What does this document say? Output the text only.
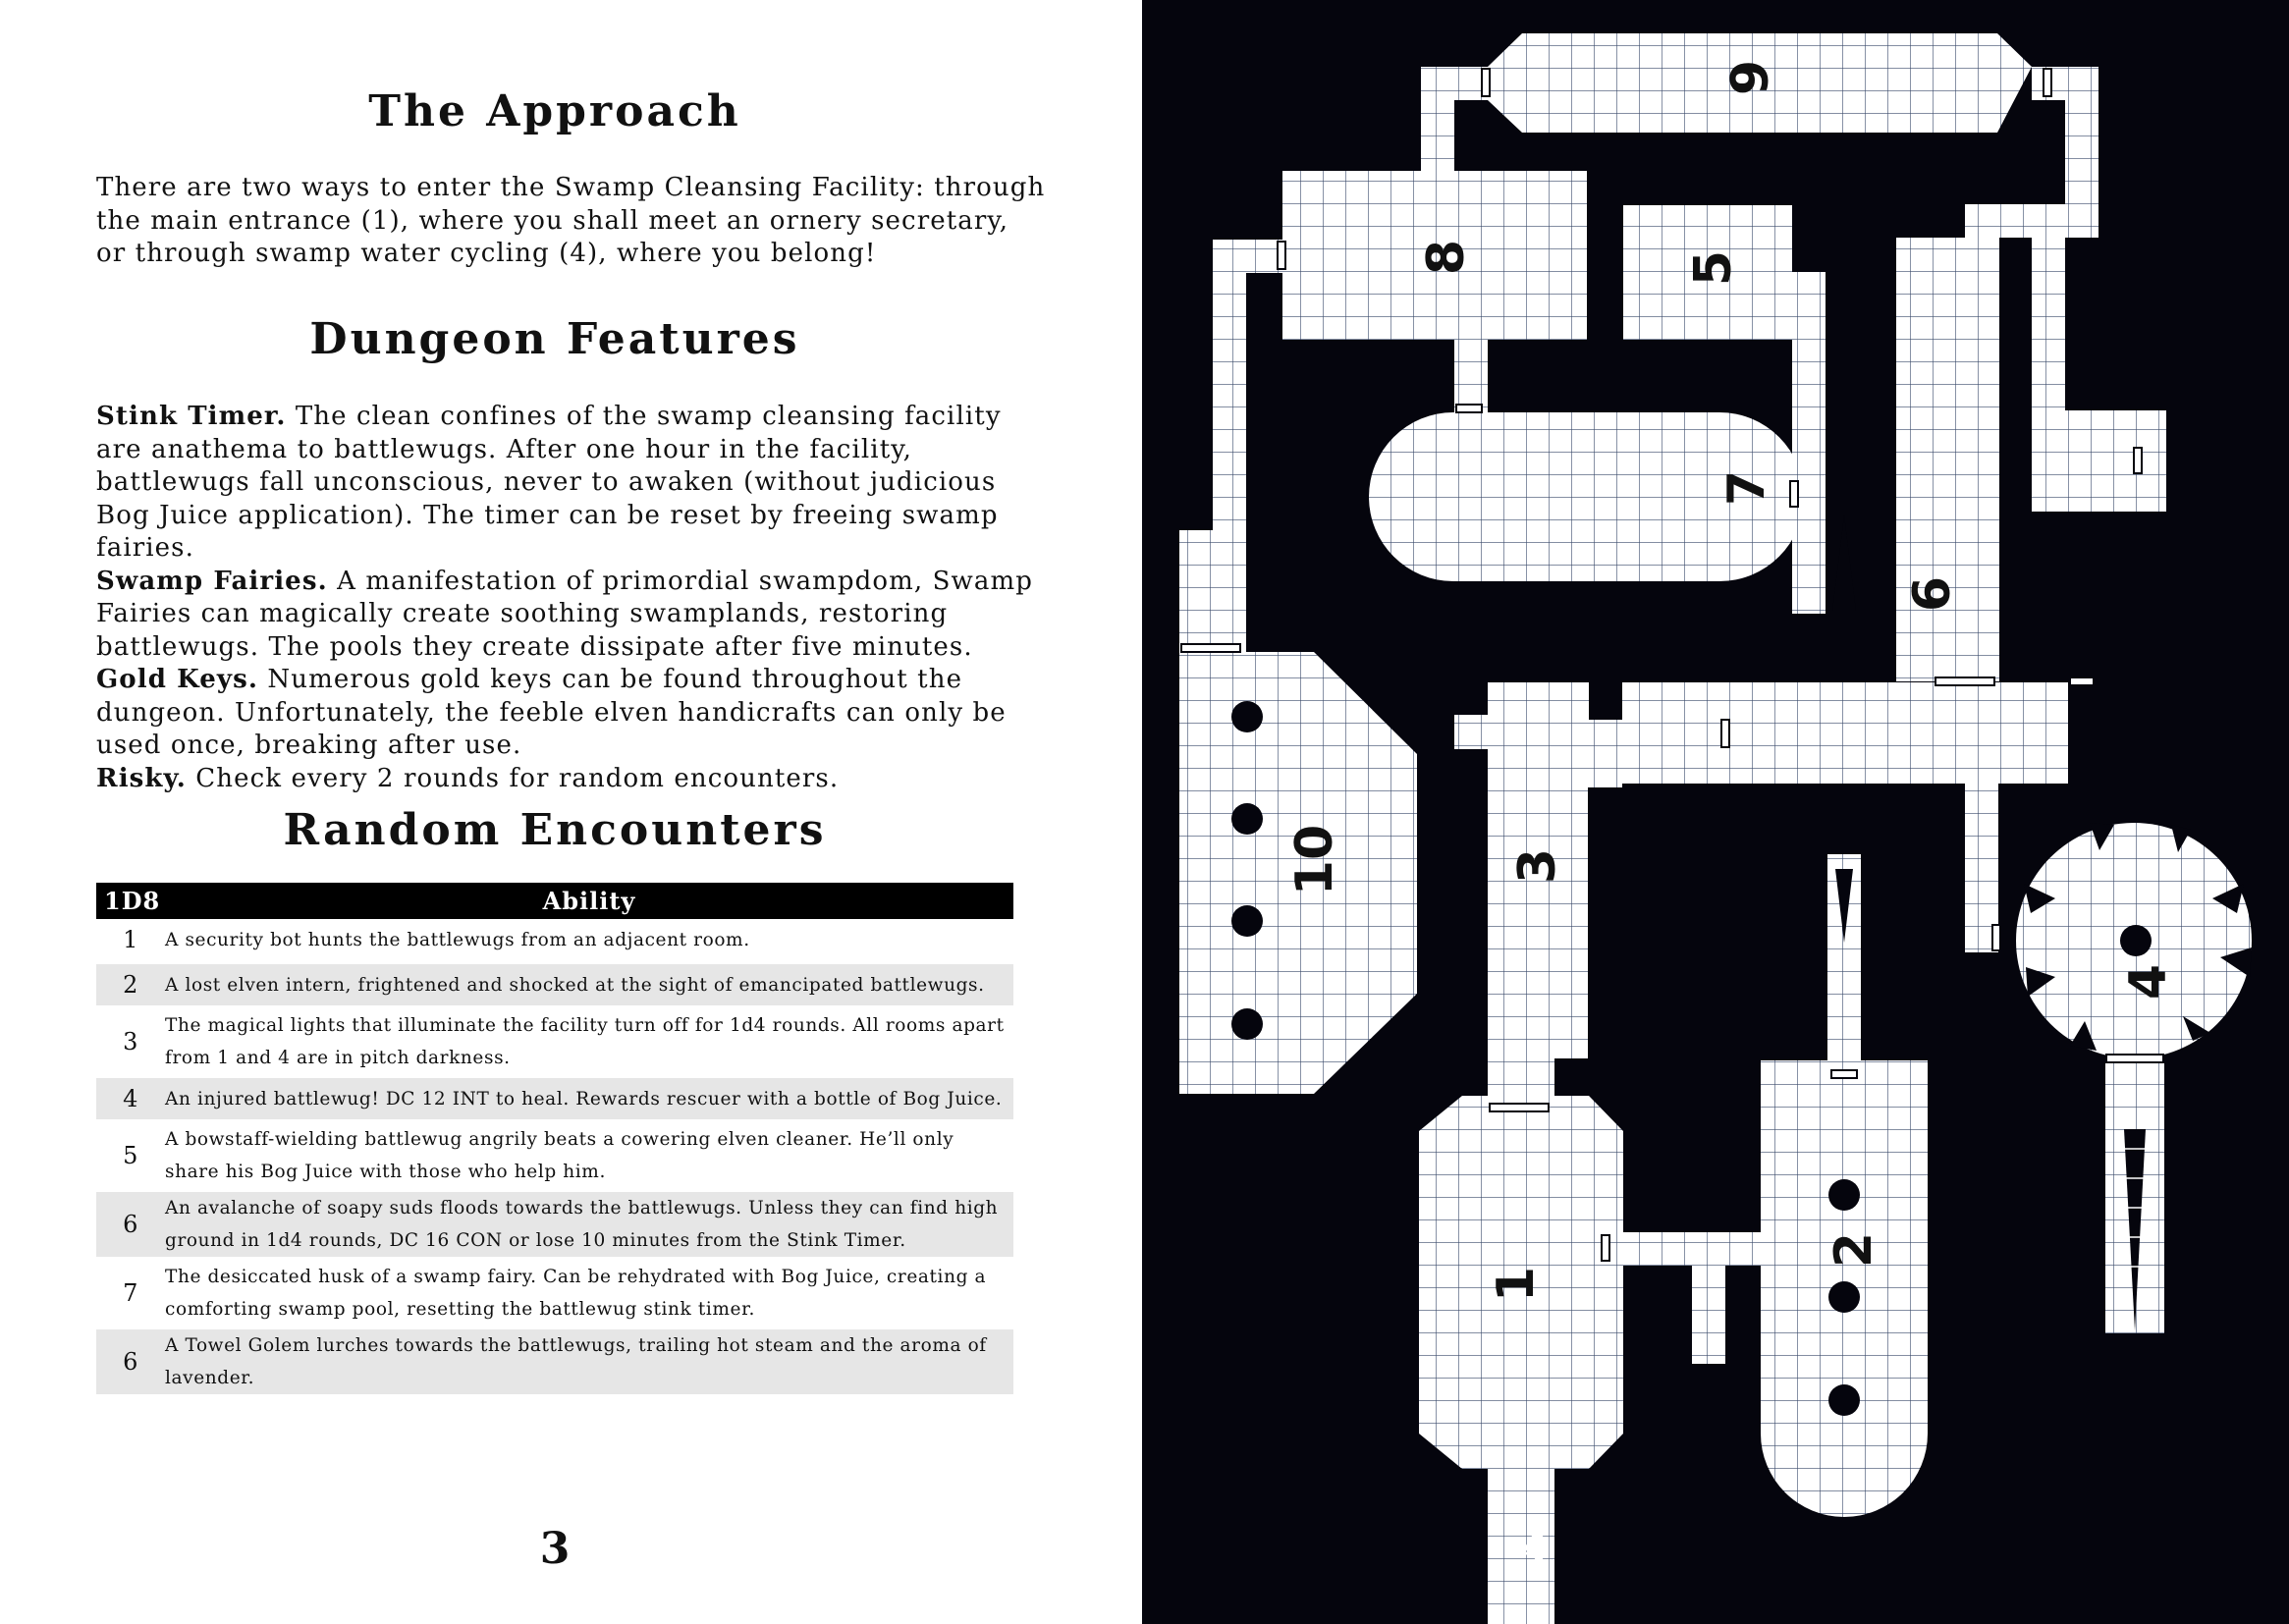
The Approach

There are two ways to enter the Swamp Cleansing Facility: through
the main entrance (1), where you shall meet an ornery secretary,
or through swamp water cycling (4), where you belong!

Dungeon Features

Stink Timer. The clean confines of the swamp cleansing facility
are anathema to battlewugs. After one hour in the facility,
battlewugs fall unconscious, never to awaken (without judicious
Bog Juice application). The timer can be reset by freeing swamp
fairies.
Swamp Fairies. A manifestation of primordial swampdom, Swamp
Fairies can magically create soothing swamplands, restoring
battlewugs. The pools they create dissipate after five minutes.
Gold Keys. Numerous gold keys can be found throughout the
dungeon. Unfortunately, the feeble elven handicrafts can only be
used once, breaking after use.
Risky. Check every 2 rounds for random encounters.

Random Encounters
1D8	Ability
1	A security bot hunts the battlewugs from an adjacent room.

2	A lost elven intern, frightened and shocked at the sight of emancipated battlewugs.

3	The magical lights that illuminate the facility turn off for 1d4 rounds. All rooms apart from 1 and 4 are in pitch darkness.

4	An injured battlewug! DC 12 INT to heal. Rewards rescuer with a bottle of Bog Juice.

5	A bowstaff-wielding battlewug angrily beats a cowering elven cleaner. He’ll only share his Bog Juice with those who help him.

6	An avalanche of soapy suds floods towards the battlewugs. Unless they can find high ground in 1d4 rounds, DC 16 CON or lose 10 minutes from the Stink Timer.

7	The desiccated husk of a swamp fairy. Can be rehydrated with Bog Juice, creating a comforting swamp pool, resetting the battlewug stink timer.

6	A Towel Golem lurches towards the battlewugs, trailing hot steam and the aroma of lavender.
3
1
2
3
4
5
6
7
8
9
10
4
